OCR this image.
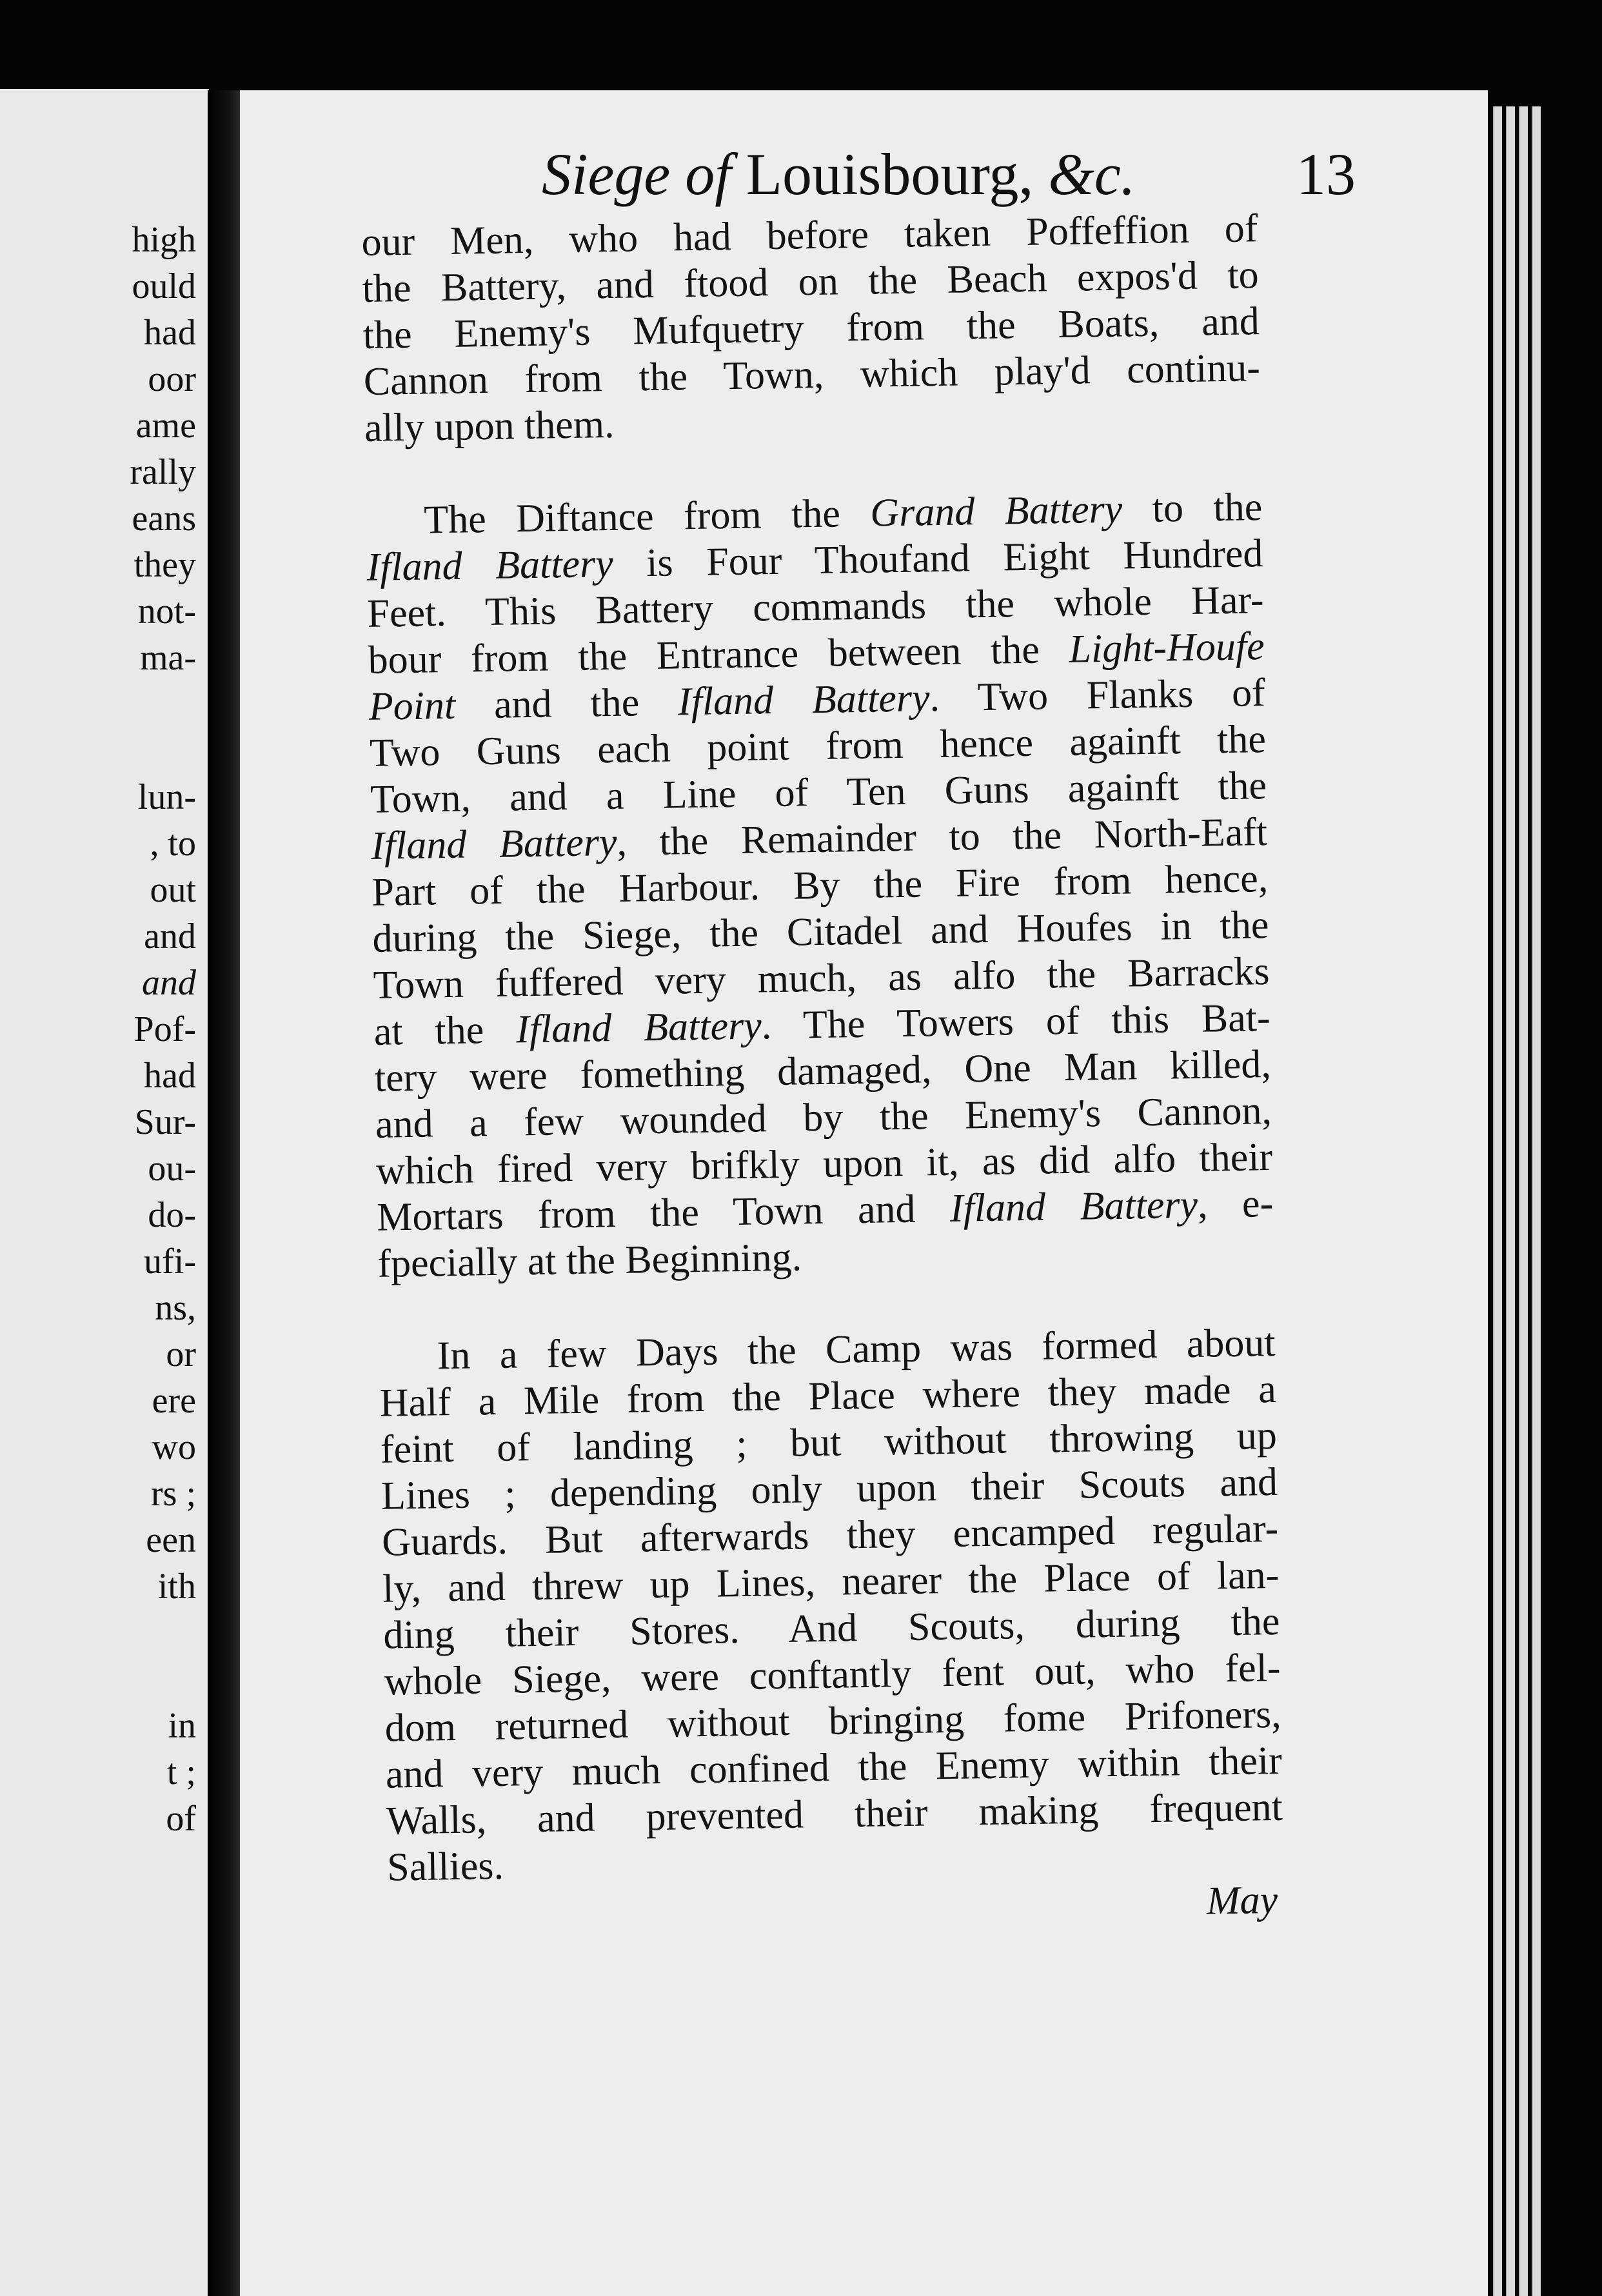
high
ould
had
oor
ame
rally
eans
they
not-
ma-
lun-
, to
out
and
and
Pof-
had
Sur-
ou-
do-
ufi-
ns,
or
ere
wo
rs ;
een
ith
in
t ;
of
Siege of Louisbourg, &c.	13
our Men, who had before taken Poffeffion of
the Battery, and ftood on the Beach expos'd to
the Enemy's Mufquetry from the Boats, and
Cannon from the Town, which play'd continu-
ally upon them.
The Diftance from the Grand Battery to the
Ifland Battery is Four Thoufand Eight Hundred
Feet. This Battery commands the whole Har-
bour from the Entrance between the Light-Houfe
Point and the Ifland Battery. Two Flanks of
Two Guns each point from hence againft the
Town, and a Line of Ten Guns againft the
Ifland Battery, the Remainder to the North-Eaft
Part of the Harbour. By the Fire from hence,
during the Siege, the Citadel and Houfes in the
Town fuffered very much, as alfo the Barracks
at the Ifland Battery. The Towers of this Bat-
tery were fomething damaged, One Man killed,
and a few wounded by the Enemy's Cannon,
which fired very brifkly upon it, as did alfo their
Mortars from the Town and Ifland Battery, e-
fpecially at the Beginning.
In a few Days the Camp was formed about
Half a Mile from the Place where they made a
feint of landing ; but without throwing up
Lines ; depending only upon their Scouts and
Guards. But afterwards they encamped regular-
ly, and threw up Lines, nearer the Place of lan-
ding their Stores. And Scouts, during the
whole Siege, were conftantly fent out, who fel-
dom returned without bringing fome Prifoners,
and very much confined the Enemy within their
Walls, and prevented their making frequent
Sallies.
May
